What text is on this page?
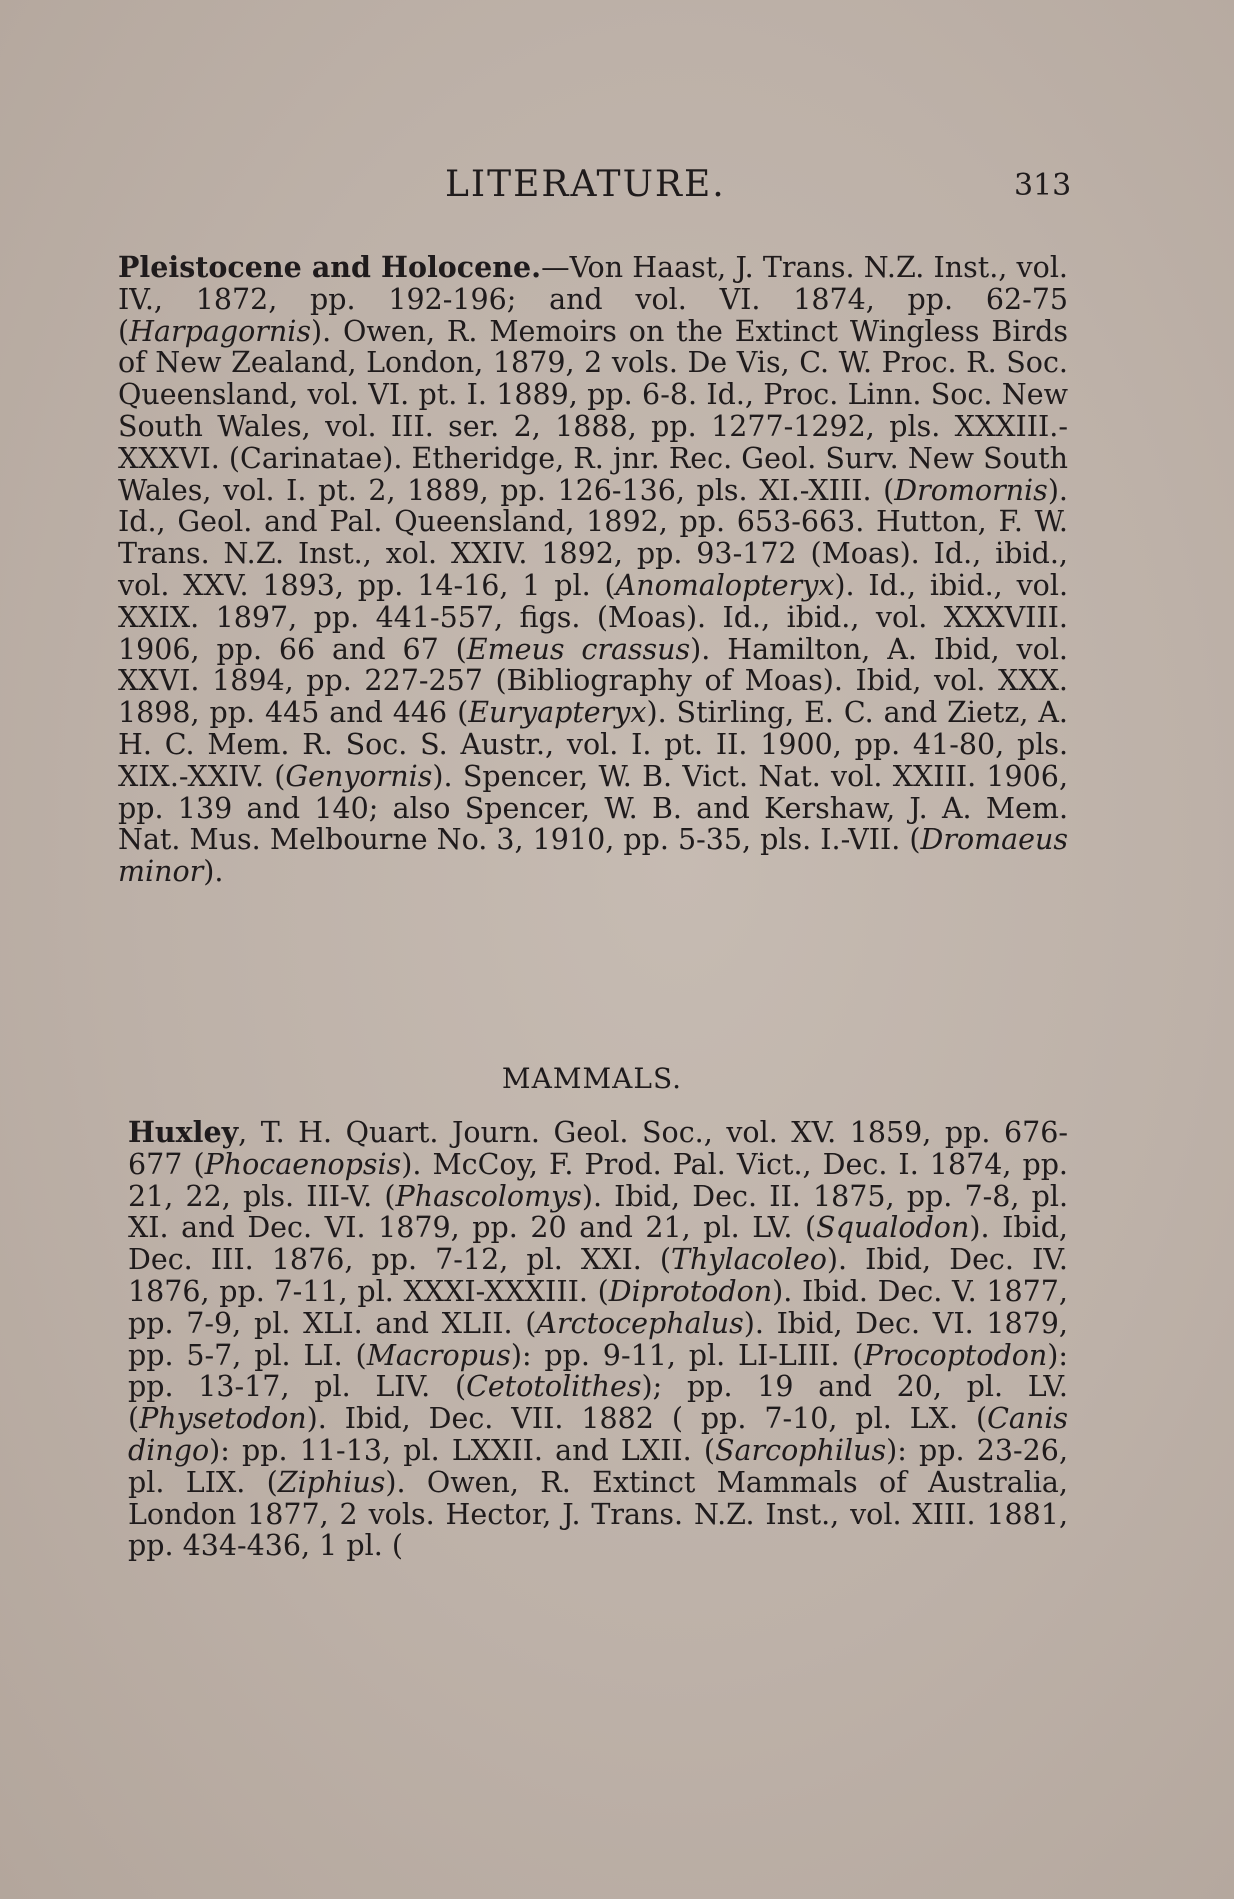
LITERATURE.	313
Pleistocene and Holocene.—Von Haast, J. Trans. N.Z. Inst., vol. IV., 1872, pp. 192-196; and vol. VI. 1874, pp. 62-75 (Harpagornis). Owen, R. Memoirs on the Extinct Wingless Birds of New Zealand, London, 1879, 2 vols. De Vis, C. W. Proc. R. Soc. Queensland, vol. VI. pt. I. 1889, pp. 6-8. Id., Proc. Linn. Soc. New South Wales, vol. III. ser. 2, 1888, pp. 1277-1292, pls. XXXIII.-XXXVI. (Carinatae). Etheridge, R. jnr. Rec. Geol. Surv. New South Wales, vol. I. pt. 2, 1889, pp. 126-136, pls. XI.-XIII. (Dromornis). Id., Geol. and Pal. Queensland, 1892, pp. 653-663. Hutton, F. W. Trans. N.Z. Inst., xol. XXIV. 1892, pp. 93-172 (Moas). Id., ibid., vol. XXV. 1893, pp. 14-16, 1 pl. (Anomalopteryx). Id., ibid., vol. XXIX. 1897, pp. 441-557, figs. (Moas). Id., ibid., vol. XXXVIII. 1906, pp. 66 and 67 (Emeus crassus). Hamilton, A. Ibid, vol. XXVI. 1894, pp. 227-257 (Bibliography of Moas). Ibid, vol. XXX. 1898, pp. 445 and 446 (Euryapteryx). Stirling, E. C. and Zietz, A. H. C. Mem. R. Soc. S. Austr., vol. I. pt. II. 1900, pp. 41-80, pls. XIX.-XXIV. (Genyornis). Spencer, W. B. Vict. Nat. vol. XXIII. 1906, pp. 139 and 140; also Spencer, W. B. and Kershaw, J. A. Mem. Nat. Mus. Melbourne No. 3, 1910, pp. 5-35, pls. I.-VII. (Dromaeus minor).
MAMMALS.
Huxley, T. H. Quart. Journ. Geol. Soc., vol. XV. 1859, pp. 676-677 (Phocaenopsis). McCoy, F. Prod. Pal. Vict., Dec. I. 1874, pp. 21, 22, pls. III-V. (Phascolomys). Ibid, Dec. II. 1875, pp. 7-8, pl. XI. and Dec. VI. 1879, pp. 20 and 21, pl. LV. (Squalodon). Ibid, Dec. III. 1876, pp. 7-12, pl. XXI. (Thylacoleo). Ibid, Dec. IV. 1876, pp. 7-11, pl. XXXI-XXXIII. (Diprotodon). Ibid. Dec. V. 1877, pp. 7-9, pl. XLI. and XLII. (Arctocephalus). Ibid, Dec. VI. 1879, pp. 5-7, pl. LI. (Macropus): pp. 9-11, pl. LI-LIII. (Procoptodon): pp. 13-17, pl. LIV. (Cetotolithes); pp. 19 and 20, pl. LV. (Physetodon). Ibid, Dec. VII. 1882 ( pp. 7-10, pl. LX. (Canis dingo): pp. 11-13, pl. LXXII. and LXII. (Sarcophilus): pp. 23-26, pl. LIX. (Ziphius). Owen, R. Extinct Mammals of Australia, London 1877, 2 vols. Hector, J. Trans. N.Z. Inst., vol. XIII. 1881, pp. 434-436, 1 pl. (
